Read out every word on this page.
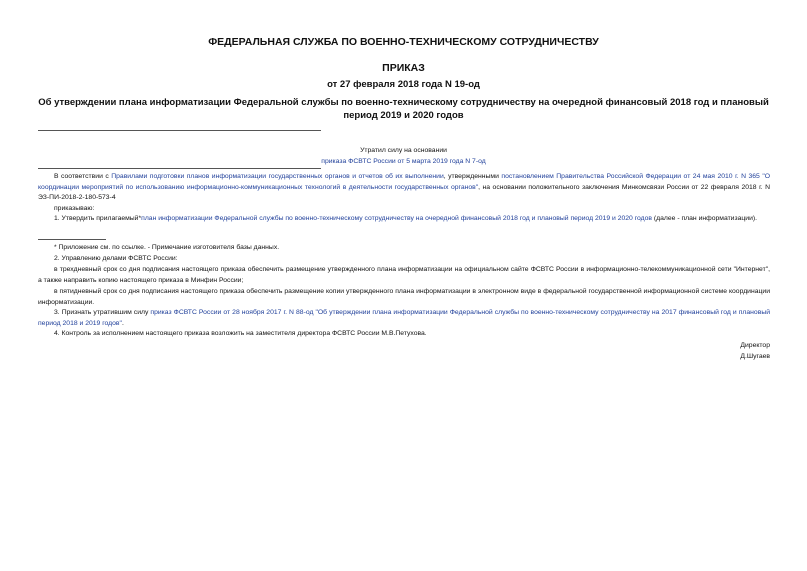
ФЕДЕРАЛЬНАЯ СЛУЖБА ПО ВОЕННО-ТЕХНИЧЕСКОМУ СОТРУДНИЧЕСТВУ
ПРИКАЗ
от 27 февраля 2018 года N 19-од
Об утверждении плана информатизации Федеральной службы по военно-техническому сотрудничеству на очередной финансовый 2018 год и плановый период 2019 и 2020 годов
Утратил силу на основании
приказа ФСВТС России от 5 марта 2019 года N 7-од
В соответствии с Правилами подготовки планов информатизации государственных органов и отчетов об их выполнении, утвержденными постановлением Правительства Российской Федерации от 24 мая 2010 г. N 365 "О координации мероприятий по использованию информационно-коммуникационных технологий в деятельности государственных органов", на основании положительного заключения Минкомсвязи России от 22 февраля 2018 г. N ЭЗ-ПИ-2018-2-180-573-4
приказываю:
1. Утвердить прилагаемый*план информатизации Федеральной службы по военно-техническому сотрудничеству на очередной финансовый 2018 год и плановый период 2019 и 2020 годов (далее - план информатизации).
* Приложение см. по ссылке. - Примечание изготовителя базы данных.
2. Управлению делами ФСВТС России:
в трехдневный срок со дня подписания настоящего приказа обеспечить размещение утвержденного плана информатизации на официальном сайте ФСВТС России в информационно-телекоммуникационной сети "Интернет", а также направить копию настоящего приказа в Минфин России;
в пятидневный срок со дня подписания настоящего приказа обеспечить размещение копии утвержденного плана информатизации в электронном виде в федеральной государственной информационной системе координации информатизации.
3. Признать утратившим силу приказ ФСВТС России от 28 ноября 2017 г. N 88-од "Об утверждении плана информатизации Федеральной службы по военно-техническому сотрудничеству на 2017 финансовый год и плановый период 2018 и 2019 годов".
4. Контроль за исполнением настоящего приказа возложить на заместителя директора ФСВТС России М.В.Петухова.
Директор
Д.Шугаев
